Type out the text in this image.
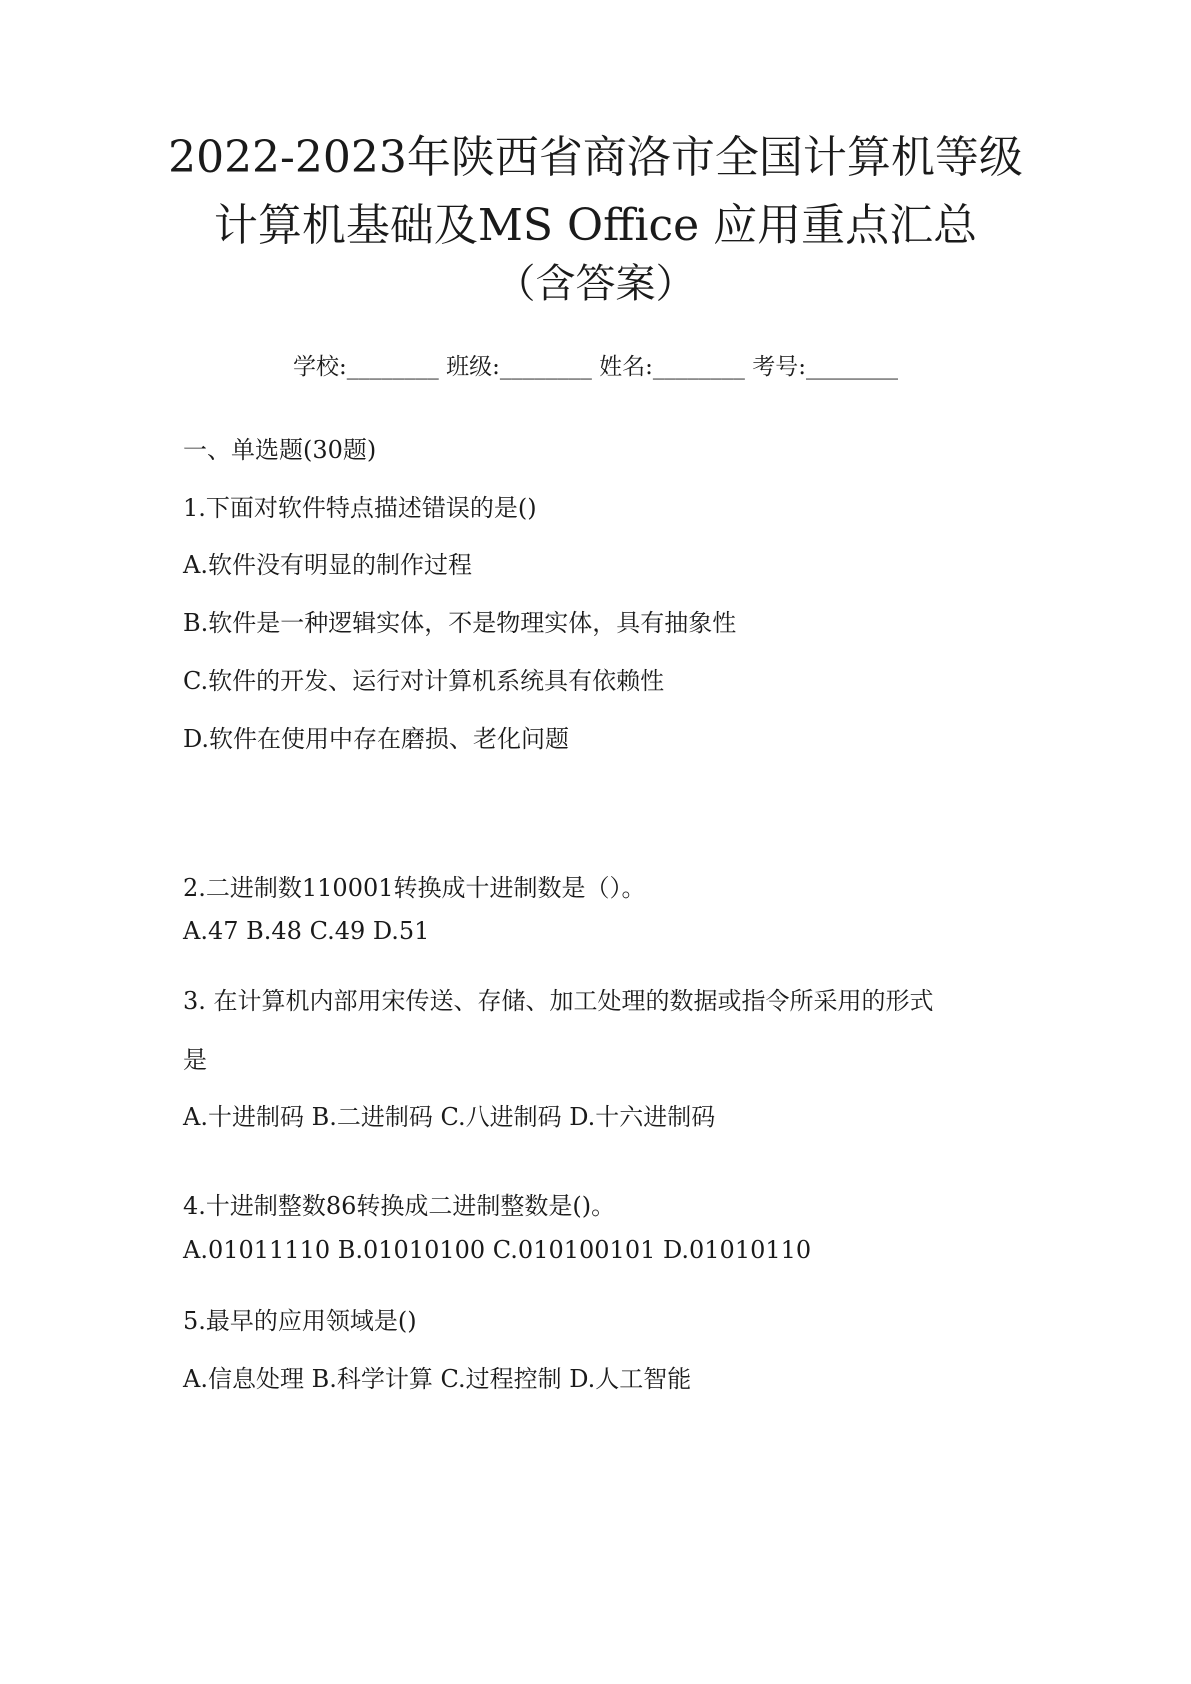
2022-2023年陕西省商洛市全国计算机等级
计算机基础及MS Office 应用重点汇总
（含答案）
学校:________ 班级:________ 姓名:________ 考号:________
一、单选题(30题)
1.下面对软件特点描述错误的是()
A.软件没有明显的制作过程
B.软件是一种逻辑实体，不是物理实体，具有抽象性
C.软件的开发、运行对计算机系统具有依赖性
D.软件在使用中存在磨损、老化问题
2.二进制数110001转换成十进制数是（）。
A.47 B.48 C.49 D.51
3. 在计算机内部用宋传送、存储、加工处理的数据或指令所采用的形式
是
A.十进制码 B.二进制码 C.八进制码 D.十六进制码
4.十进制整数86转换成二进制整数是()。
A.01011110 B.01010100 C.010100101 D.01010110
5.最早的应用领域是()
A.信息处理 B.科学计算 C.过程控制 D.人工智能
